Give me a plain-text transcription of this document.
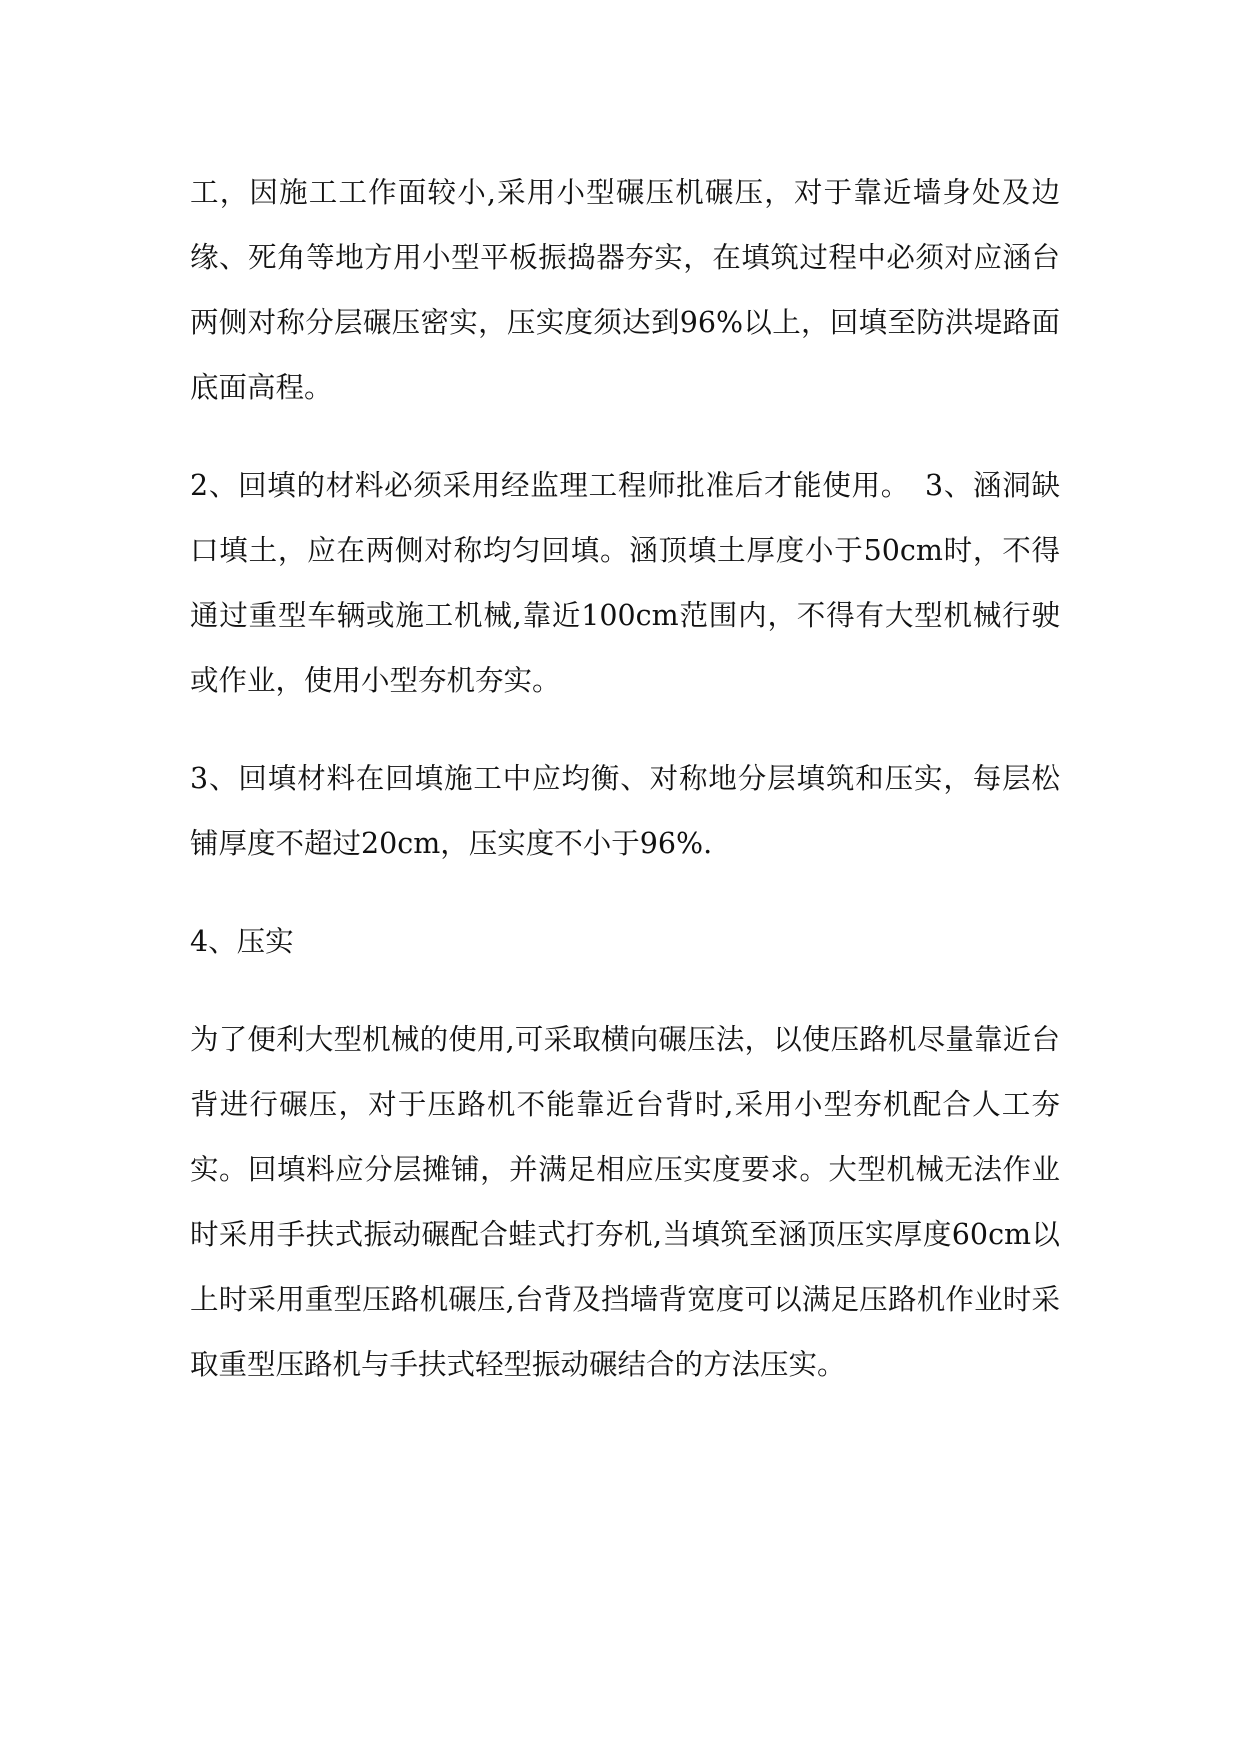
工，因施工工作面较小,采用小型碾压机碾压，对于靠近墙身处及边缘、死角等地方用小型平板振捣器夯实，在填筑过程中必须对应涵台两侧对称分层碾压密实，压实度须达到96%以上，回填至防洪堤路面底面高程。

2、回填的材料必须采用经监理工程师批准后才能使用。　3、涵洞缺口填土，应在两侧对称均匀回填。涵顶填土厚度小于50cm时，不得通过重型车辆或施工机械,靠近100cm范围内，不得有大型机械行驶或作业，使用小型夯机夯实。

3、回填材料在回填施工中应均衡、对称地分层填筑和压实，每层松铺厚度不超过20cm，压实度不小于96%.

4、压实

为了便利大型机械的使用,可采取横向碾压法，以使压路机尽量靠近台背进行碾压，对于压路机不能靠近台背时,采用小型夯机配合人工夯实。回填料应分层摊铺，并满足相应压实度要求。大型机械无法作业时采用手扶式振动碾配合蛙式打夯机,当填筑至涵顶压实厚度60cm以上时采用重型压路机碾压,台背及挡墙背宽度可以满足压路机作业时采取重型压路机与手扶式轻型振动碾结合的方法压实。
